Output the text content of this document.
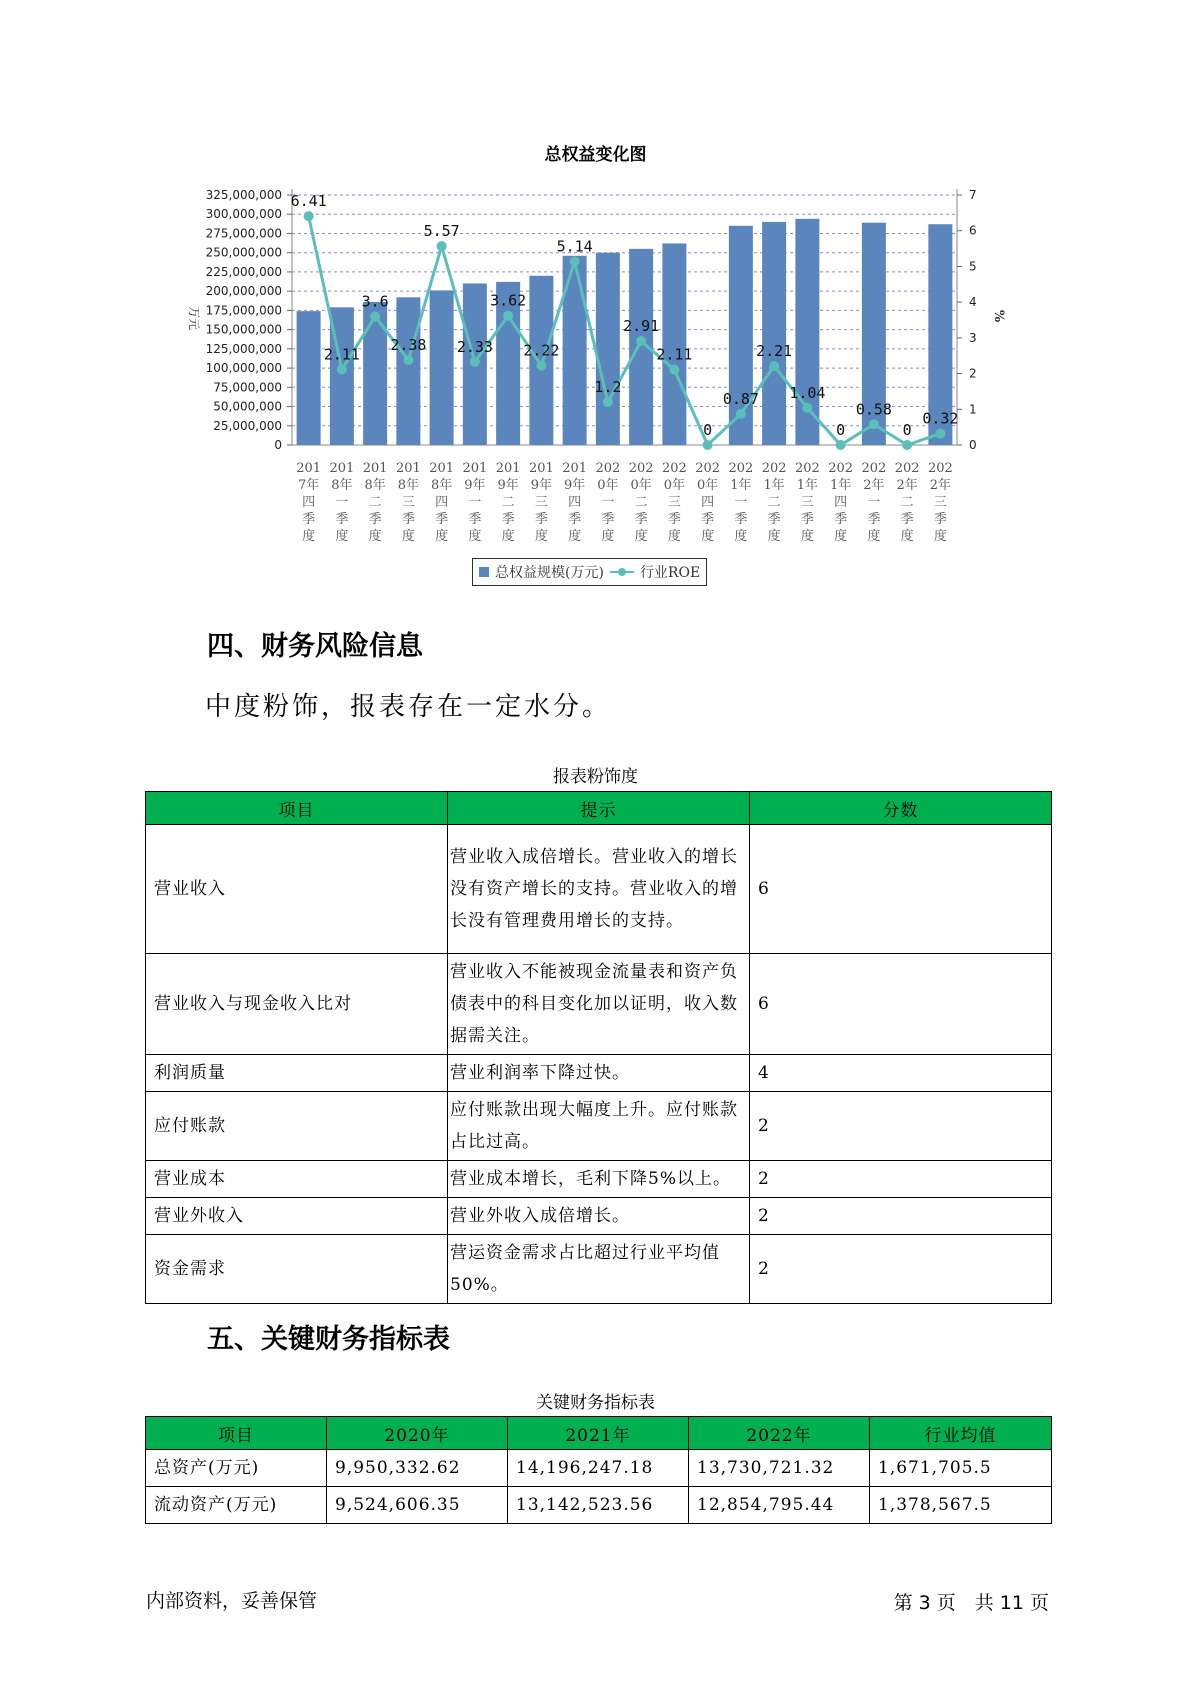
总权益变化图
325,000,000
300,000,000
275,000,000
250,000,000
225,000,000
200,000,000
175,000,000
150,000,000
125,000,000
100,000,000
75,000,000
50,000,000
25,000,000
0
7
6
5
4
3
2
1
0
万元	%
201 7年四季度
201 8年一季度
201 8年二季度
201 8年三季度
201 8年四季度
201 9年一季度
201 9年二季度
201 9年三季度
201 9年四季度
202 0年一季度
202 0年二季度
202 0年三季度
202 0年四季度
202 1年一季度
202 1年二季度
202 1年三季度
202 1年四季度
202 2年一季度
202 2年二季度
202 2年三季度
6.41
2.11
3.6
2.38
5.57
2.33
3.62
2.22
5.14
1.2
2.91
2.11
0
0.87
2.21
1.04
0
0.58
0
0.32
总权益规模(万元)	行业ROE
四、财务风险信息
中度粉饰，报表存在一定水分。
报表粉饰度
项目	提示	分数
营业收入	营业收入成倍增长。营业收入的增长没有资产增长的支持。营业收入的增长没有管理费用增长的支持。	6
营业收入与现金收入比对	营业收入不能被现金流量表和资产负债表中的科目变化加以证明，收入数据需关注。	6
利润质量	营业利润率下降过快。	4
应付账款	应付账款出现大幅度上升。应付账款占比过高。	2
营业成本	营业成本增长，毛利下降5%以上。	2
营业外收入	营业外收入成倍增长。	2
资金需求	营运资金需求占比超过行业平均值50%。	2
五、关键财务指标表
关键财务指标表
项目	2020年	2021年	2022年	行业均值
总资产(万元)	9,950,332.62	14,196,247.18	13,730,721.32	1,671,705.5
流动资产(万元)	9,524,606.35	13,142,523.56	12,854,795.44	1,378,567.5
内部资料，妥善保管	第 3 页　共 11 页
